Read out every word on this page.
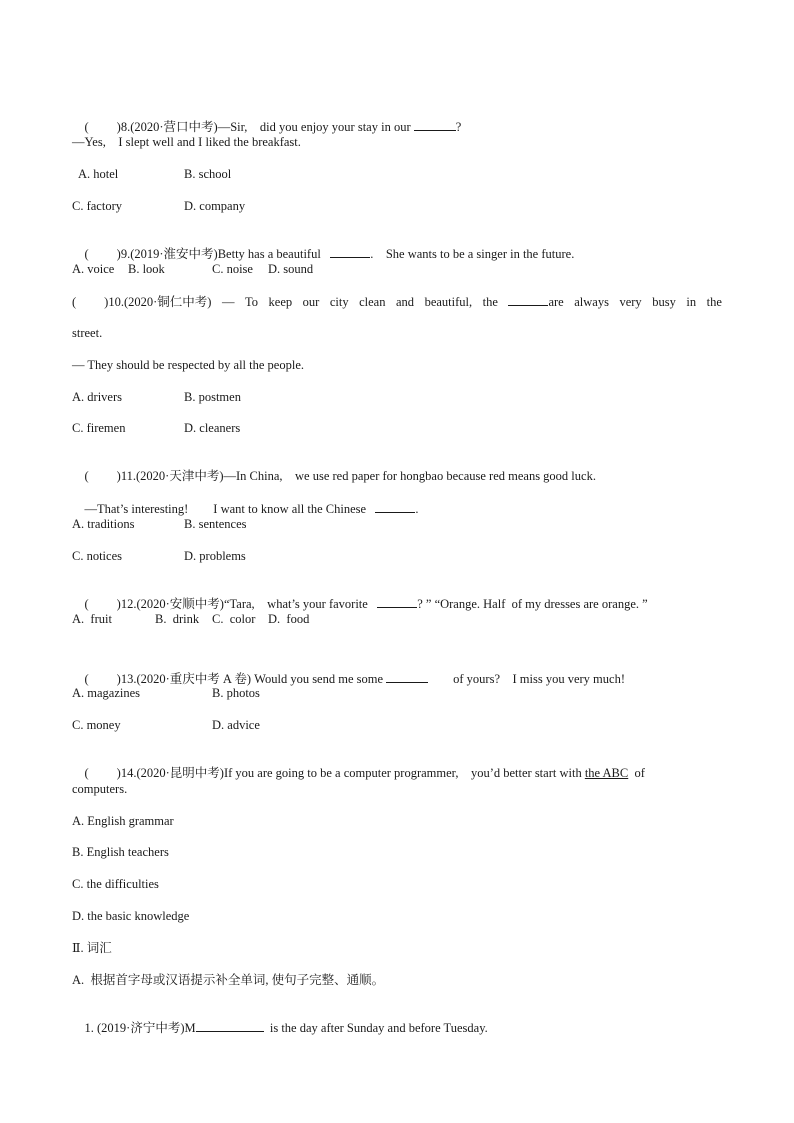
( )8.(2020·营口中考)—Sir,    did you enjoy your stay in our	?

—Yes,    I slept well and I liked the breakfast.
A. hotel	B. school
C. factory	D. company

( )9.(2019·淮安中考)Betty has a beautiful	.    She wants to be a singer in the future.

A. voice B. look	C. noise D. sound
( )10.(2020·铜仁中考) — To keep our city clean and beautiful, the	are always very busy in the
street.
— They should be respected by all the people.
A. drivers	B. postmen
C. firemen	D. cleaners

( )11.(2020·天津中考)—In China,    we use red paper for hongbao because red means good luck.

—That’s interesting!        I want to know all the Chinese	.

A. traditions	B. sentences
C. notices	D. problems

( )12.(2020·安顺中考)“Tara,    what’s your favorite	? ” “Orange. Half  of my dresses are orange. ”

A.  fruit	B.  drink C.  color D.  food

( )13.(2020·重庆中考 A 卷) Would you send me some	of yours?    I miss you very much!

A. magazines	B. photos
C. money	D. advice

( )14.(2020·昆明中考)If you are going to be a computer programmer,    you’d better start with the ABC of

computers.
A. English grammar
B. English teachers
C. the difficulties
D. the basic knowledge
Ⅱ. 词汇
A.  根据首字母或汉语提示补全单词, 使句子完整、通顺。

1. (2019·济宁中考)M	is the day after Sunday and before Tuesday.
